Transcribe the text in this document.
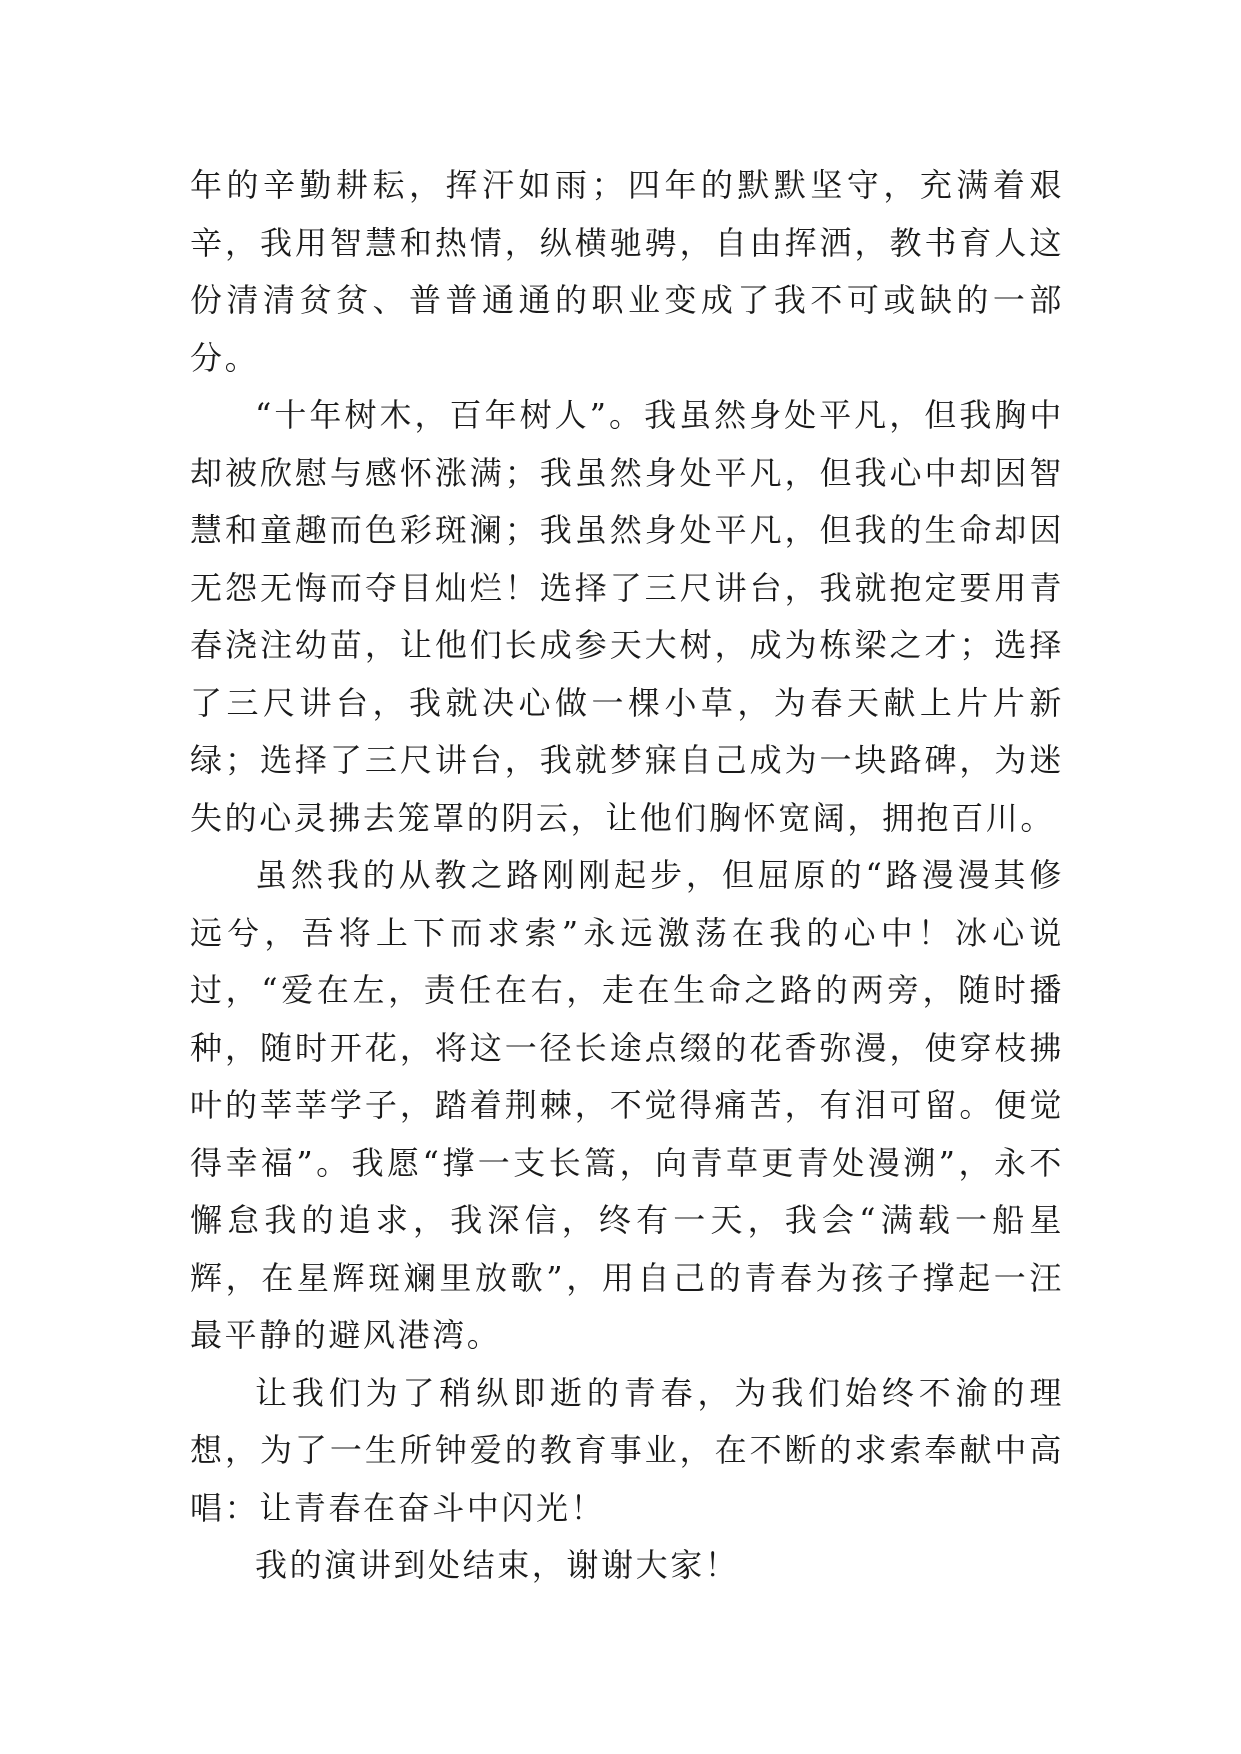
年的辛勤耕耘，挥汗如雨；四年的默默坚守，充满着艰辛，我用智慧和热情，纵横驰骋，自由挥洒，教书育人这份清清贫贫、普普通通的职业变成了我不可或缺的一部分。

“十年树木，百年树人”。我虽然身处平凡，但我胸中却被欣慰与感怀涨满；我虽然身处平凡，但我心中却因智慧和童趣而色彩斑澜；我虽然身处平凡，但我的生命却因无怨无悔而夺目灿烂！选择了三尺讲台，我就抱定要用青春浇注幼苗，让他们长成参天大树，成为栋梁之才；选择了三尺讲台，我就决心做一棵小草，为春天献上片片新绿；选择了三尺讲台，我就梦寐自己成为一块路碑，为迷失的心灵拂去笼罩的阴云，让他们胸怀宽阔，拥抱百川。

虽然我的从教之路刚刚起步，但屈原的“路漫漫其修远兮，吾将上下而求索”永远激荡在我的心中！冰心说过，“爱在左，责任在右，走在生命之路的两旁，随时播种，随时开花，将这一径长途点缀的花香弥漫，使穿枝拂叶的莘莘学子，踏着荆棘，不觉得痛苦，有泪可留。便觉得幸福”。我愿“撑一支长篙，向青草更青处漫溯”，永不懈怠我的追求，我深信，终有一天，我会“满载一船星辉，在星辉斑斓里放歌”，用自己的青春为孩子撑起一汪最平静的避风港湾。

让我们为了稍纵即逝的青春，为我们始终不渝的理想，为了一生所钟爱的教育事业，在不断的求索奉献中高唱：让青春在奋斗中闪光！

我的演讲到处结束，谢谢大家！
